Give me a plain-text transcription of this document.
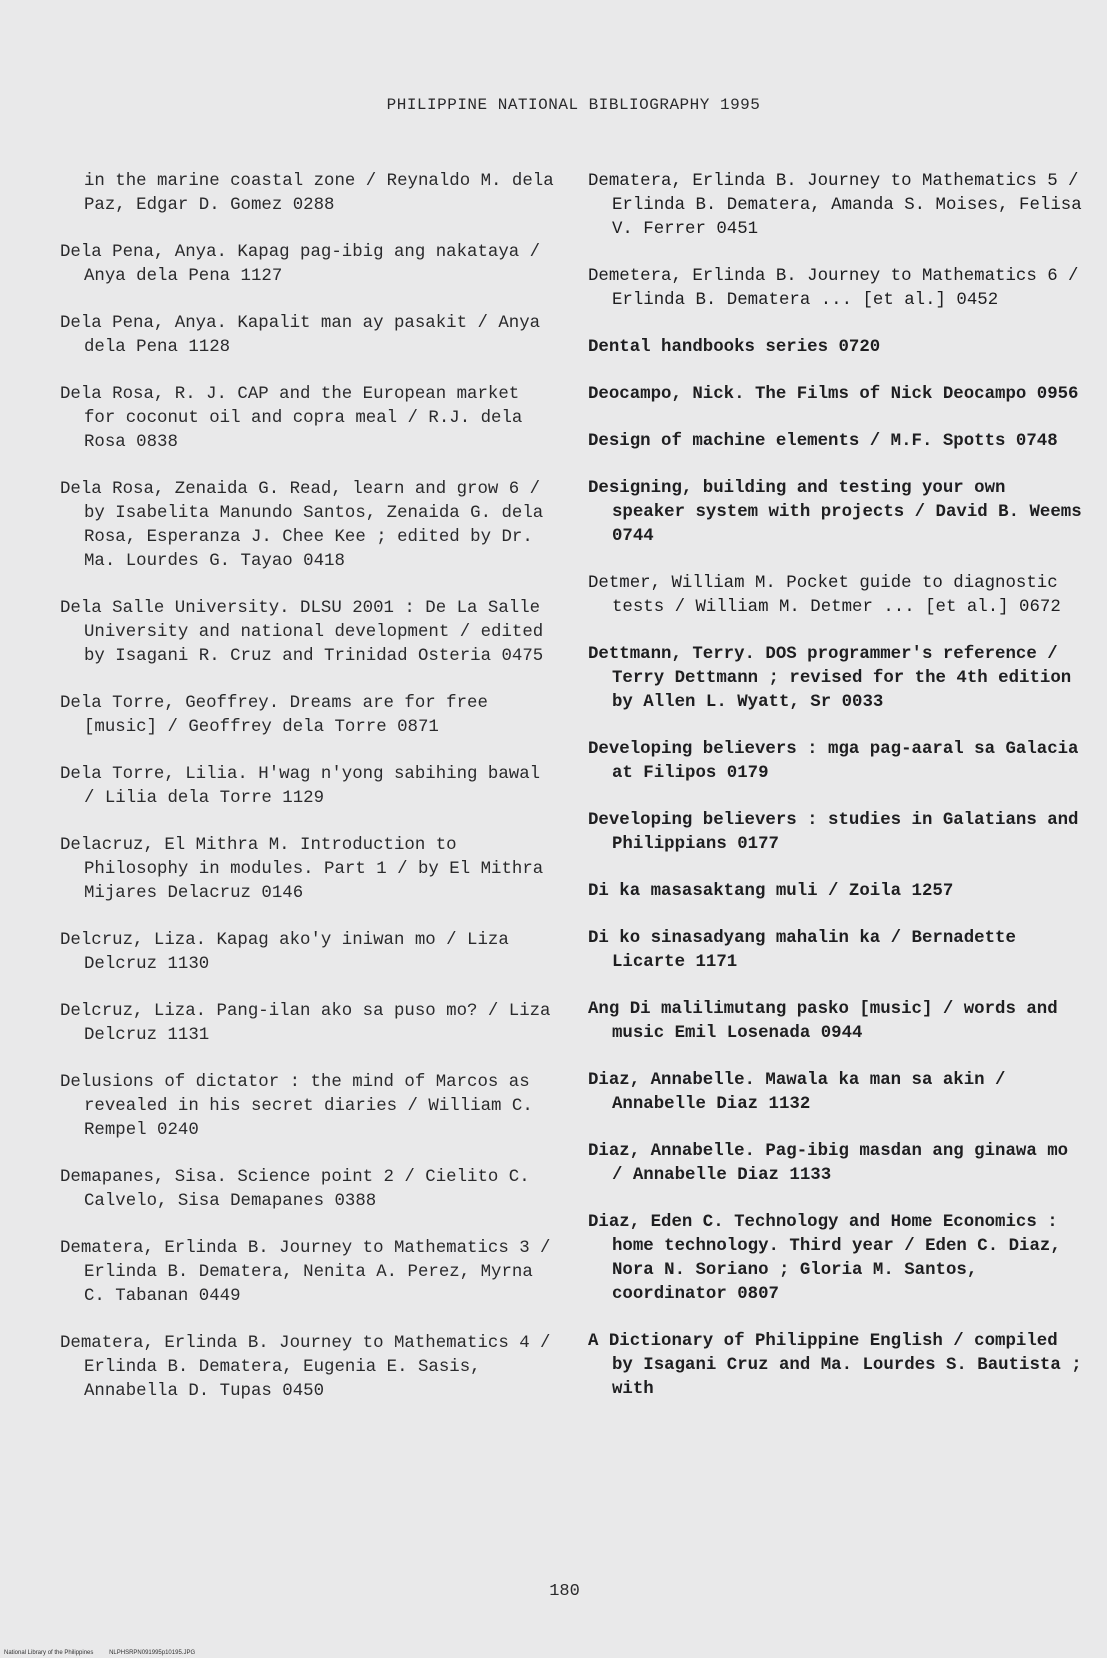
PHILIPPINE NATIONAL BIBLIOGRAPHY 1995

in the marine coastal zone / Reynaldo M. dela Paz, Edgar D. Gomez 0288

Dela Pena, Anya. Kapag pag-ibig ang nakataya / Anya dela Pena 1127

Dela Pena, Anya. Kapalit man ay pasakit / Anya dela Pena 1128

Dela Rosa, R. J. CAP and the European market for coconut oil and copra meal / R.J. dela Rosa 0838

Dela Rosa, Zenaida G. Read, learn and grow 6 / by Isabelita Manundo Santos, Zenaida G. dela Rosa, Esperanza J. Chee Kee ; edited by Dr. Ma. Lourdes G. Tayao 0418

Dela Salle University. DLSU 2001 : De La Salle University and national development / edited by Isagani R. Cruz and Trinidad Osteria 0475

Dela Torre, Geoffrey. Dreams are for free [music] / Geoffrey dela Torre 0871

Dela Torre, Lilia. H'wag n'yong sabihing bawal / Lilia dela Torre 1129

Delacruz, El Mithra M. Introduction to Philosophy in modules. Part 1 / by El Mithra Mijares Delacruz 0146

Delcruz, Liza. Kapag ako'y iniwan mo / Liza Delcruz 1130

Delcruz, Liza. Pang-ilan ako sa puso mo? / Liza Delcruz 1131

Delusions of dictator : the mind of Marcos as revealed in his secret diaries / William C. Rempel 0240

Demapanes, Sisa. Science point 2 / Cielito C. Calvelo, Sisa Demapanes 0388

Dematera, Erlinda B. Journey to Mathematics 3 / Erlinda B. Dematera, Nenita A. Perez, Myrna C. Tabanan 0449

Dematera, Erlinda B. Journey to Mathematics 4 / Erlinda B. Dematera, Eugenia E. Sasis, Annabella D. Tupas 0450

Dematera, Erlinda B. Journey to Mathematics 5 / Erlinda B. Dematera, Amanda S. Moises, Felisa V. Ferrer 0451

Demetera, Erlinda B. Journey to Mathematics 6 / Erlinda B. Dematera ... [et al.] 0452

Dental handbooks series 0720

Deocampo, Nick. The Films of Nick Deocampo 0956

Design of machine elements / M.F. Spotts 0748

Designing, building and testing your own speaker system with projects / David B. Weems 0744

Detmer, William M. Pocket guide to diagnostic tests / William M. Detmer ... [et al.] 0672

Dettmann, Terry. DOS programmer's reference / Terry Dettmann ; revised for the 4th edition by Allen L. Wyatt, Sr 0033

Developing believers : mga pag-aaral sa Galacia at Filipos 0179

Developing believers : studies in Galatians and Philippians 0177

Di ka masasaktang muli / Zoila 1257

Di ko sinasadyang mahalin ka / Bernadette Licarte 1171

Ang Di malilimutang pasko [music] / words and music Emil Losenada 0944

Diaz, Annabelle. Mawala ka man sa akin / Annabelle Diaz 1132

Diaz, Annabelle. Pag-ibig masdan ang ginawa mo / Annabelle Diaz 1133

Diaz, Eden C. Technology and Home Economics : home technology. Third year / Eden C. Diaz, Nora N. Soriano ; Gloria M. Santos, coordinator 0807

A Dictionary of Philippine English / compiled by Isagani Cruz and Ma. Lourdes S. Bautista ; with

180
National Library of the Philippines	NLPHSRPN091995p10195.JPG
